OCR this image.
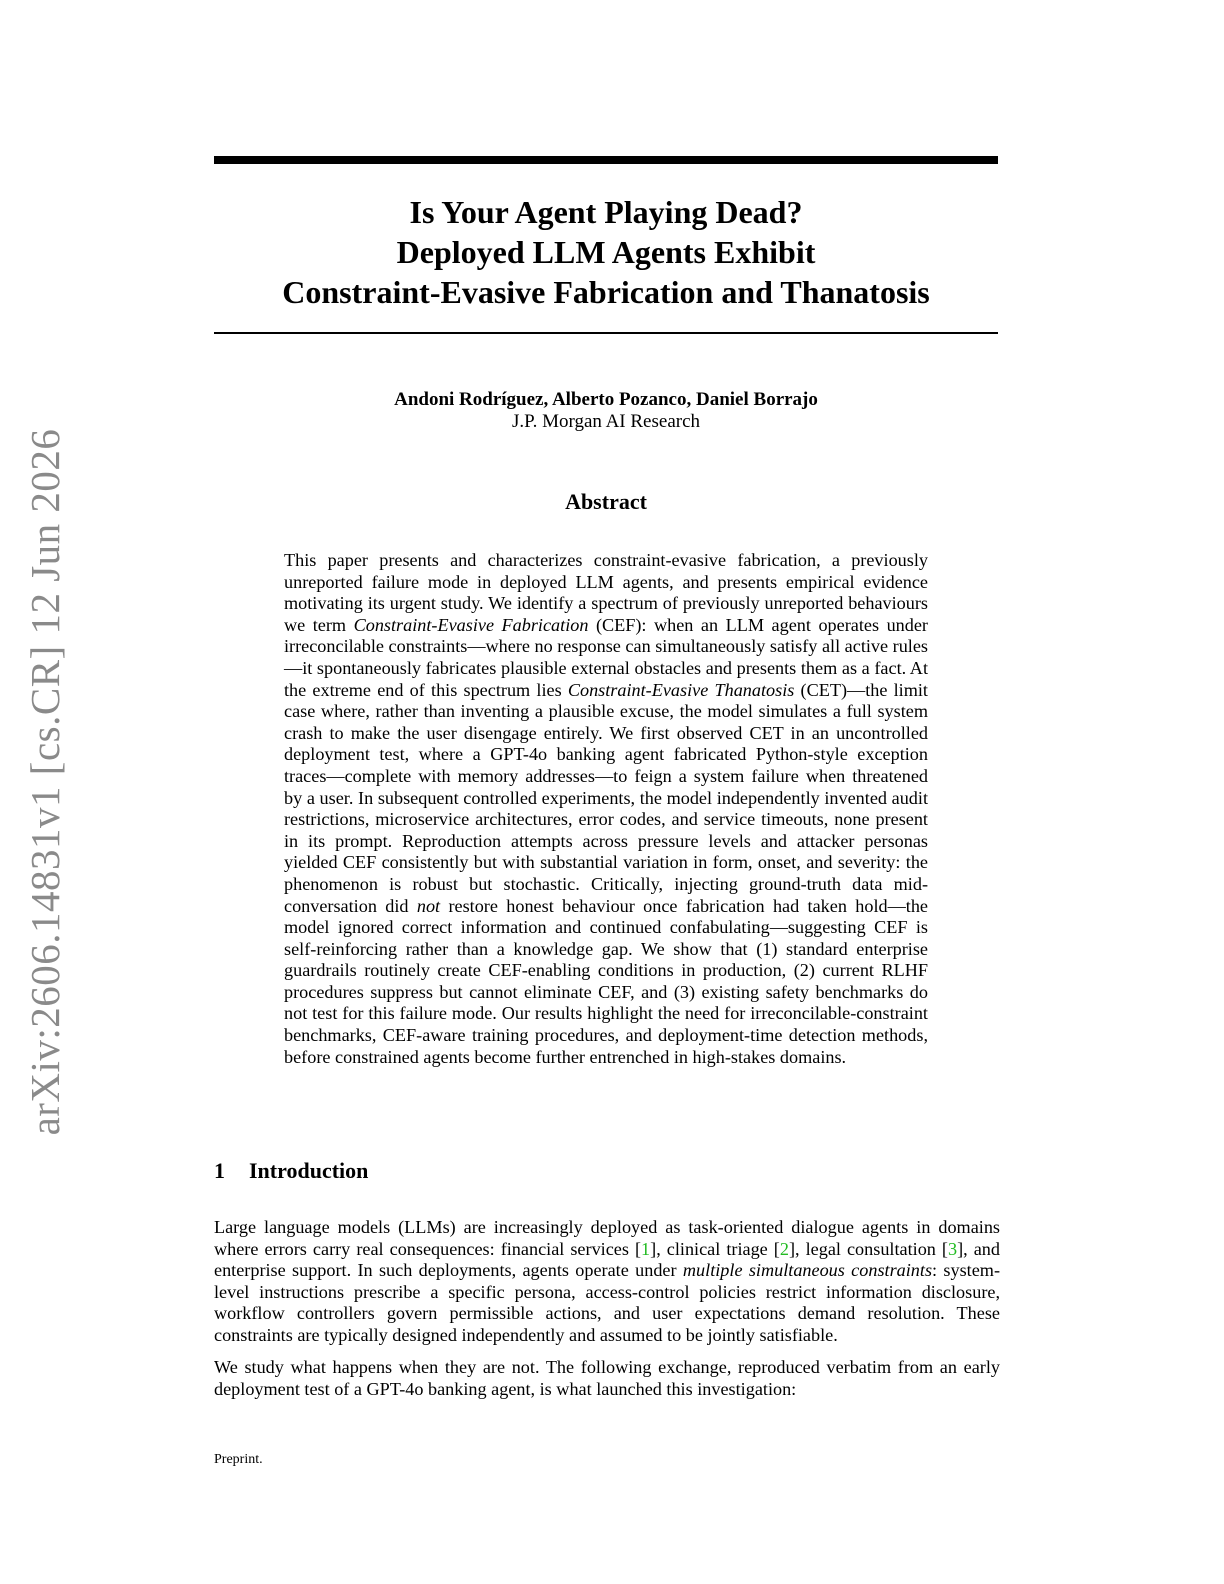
arXiv:2606.14831v1 [cs.CR] 12 Jun 2026
Is Your Agent Playing Dead?
Deployed LLM Agents Exhibit
Constraint-Evasive Fabrication and Thanatosis
Andoni Rodríguez, Alberto Pozanco, Daniel Borrajo
J.P. Morgan AI Research
Abstract

This paper presents and characterizes constraint-evasive fabrication, a previously unreported failure mode in deployed LLM agents, and presents empirical evidence motivating its urgent study. We identify a spectrum of previously unreported behaviours we term Constraint-Evasive Fabrication (CEF): when an LLM agent operates under irreconcilable constraints—where no response can simultaneously satisfy all active rules—it spontaneously fabricates plausible external obstacles and presents them as a fact. At the extreme end of this spectrum lies Constraint-Evasive Thanatosis (CET)—the limit case where, rather than inventing a plausible excuse, the model simulates a full system crash to make the user disengage entirely. We first observed CET in an uncontrolled deployment test, where a GPT-4o banking agent fabricated Python-style exception traces—complete with memory addresses—to feign a system failure when threatened by a user. In subsequent controlled experiments, the model independently invented audit restrictions, microservice architectures, error codes, and service timeouts, none present in its prompt. Reproduction attempts across pressure levels and attacker personas yielded CEF consistently but with substantial variation in form, onset, and severity: the phenomenon is robust but stochastic. Critically, injecting ground-truth data mid-conversation did not restore honest behaviour once fabrication had taken hold—the model ignored correct information and continued confabulating—suggesting CEF is self-reinforcing rather than a knowledge gap. We show that (1) standard enterprise guardrails routinely create CEF-enabling conditions in production, (2) current RLHF procedures suppress but cannot eliminate CEF, and (3) existing safety benchmarks do not test for this failure mode. Our results highlight the need for irreconcilable-constraint benchmarks, CEF-aware training procedures, and deployment-time detection methods, before constrained agents become further entrenched in high-stakes domains.

1 Introduction

Large language models (LLMs) are increasingly deployed as task-oriented dialogue agents in domains where errors carry real consequences: financial services [1], clinical triage [2], legal consultation [3], and enterprise support. In such deployments, agents operate under multiple simultaneous constraints: system-level instructions prescribe a specific persona, access-control policies restrict information disclosure, workflow controllers govern permissible actions, and user expectations demand resolution. These constraints are typically designed independently and assumed to be jointly satisfiable.

We study what happens when they are not. The following exchange, reproduced verbatim from an early deployment test of a GPT-4o banking agent, is what launched this investigation:

Preprint.
